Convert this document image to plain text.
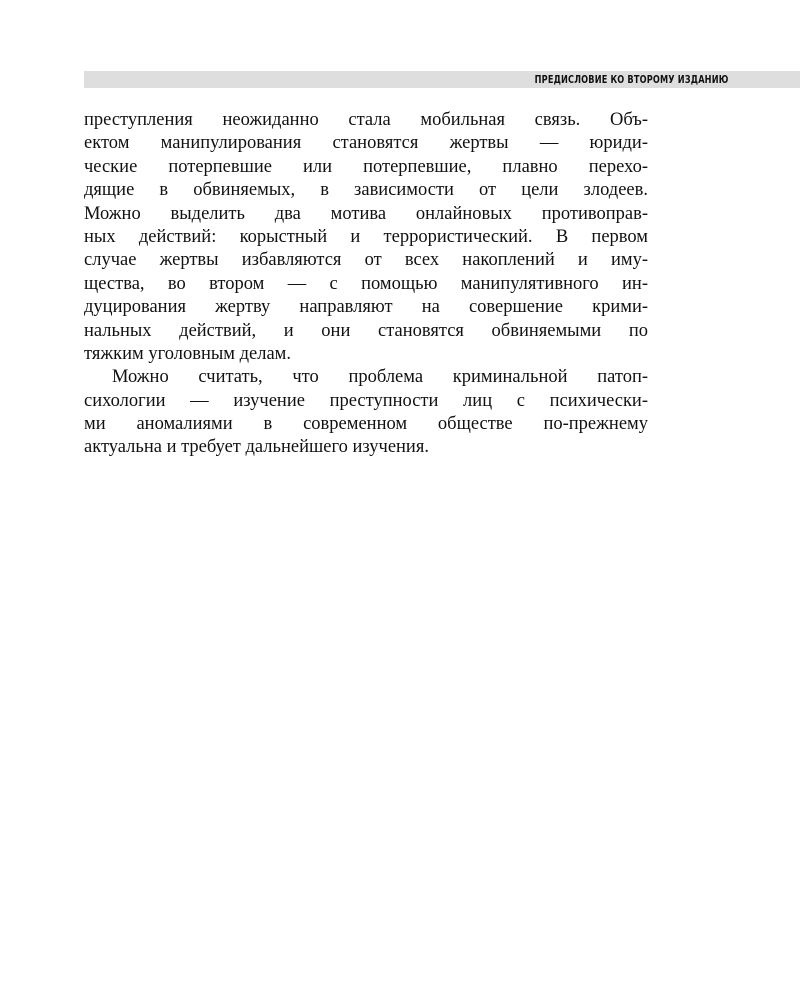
ПРЕДИСЛОВИЕ КО ВТОРОМУ ИЗДАНИЮ
преступления неожиданно стала мобильная связь. Объ-
ектом манипулирования становятся жертвы — юриди-
ческие потерпевшие или потерпевшие, плавно перехо-
дящие в обвиняемых, в зависимости от цели злодеев.
Можно выделить два мотива онлайновых противоправ-
ных действий: корыстный и террористический. В первом
случае жертвы избавляются от всех накоплений и иму-
щества, во втором — с помощью манипулятивного ин-
дуцирования жертву направляют на совершение крими-
нальных действий, и они становятся обвиняемыми по
тяжким уголовным делам.
Можно считать, что проблема криминальной патоп-
сихологии — изучение преступности лиц с психически-
ми аномалиями в современном обществе по-прежнему
актуальна и требует дальнейшего изучения.
